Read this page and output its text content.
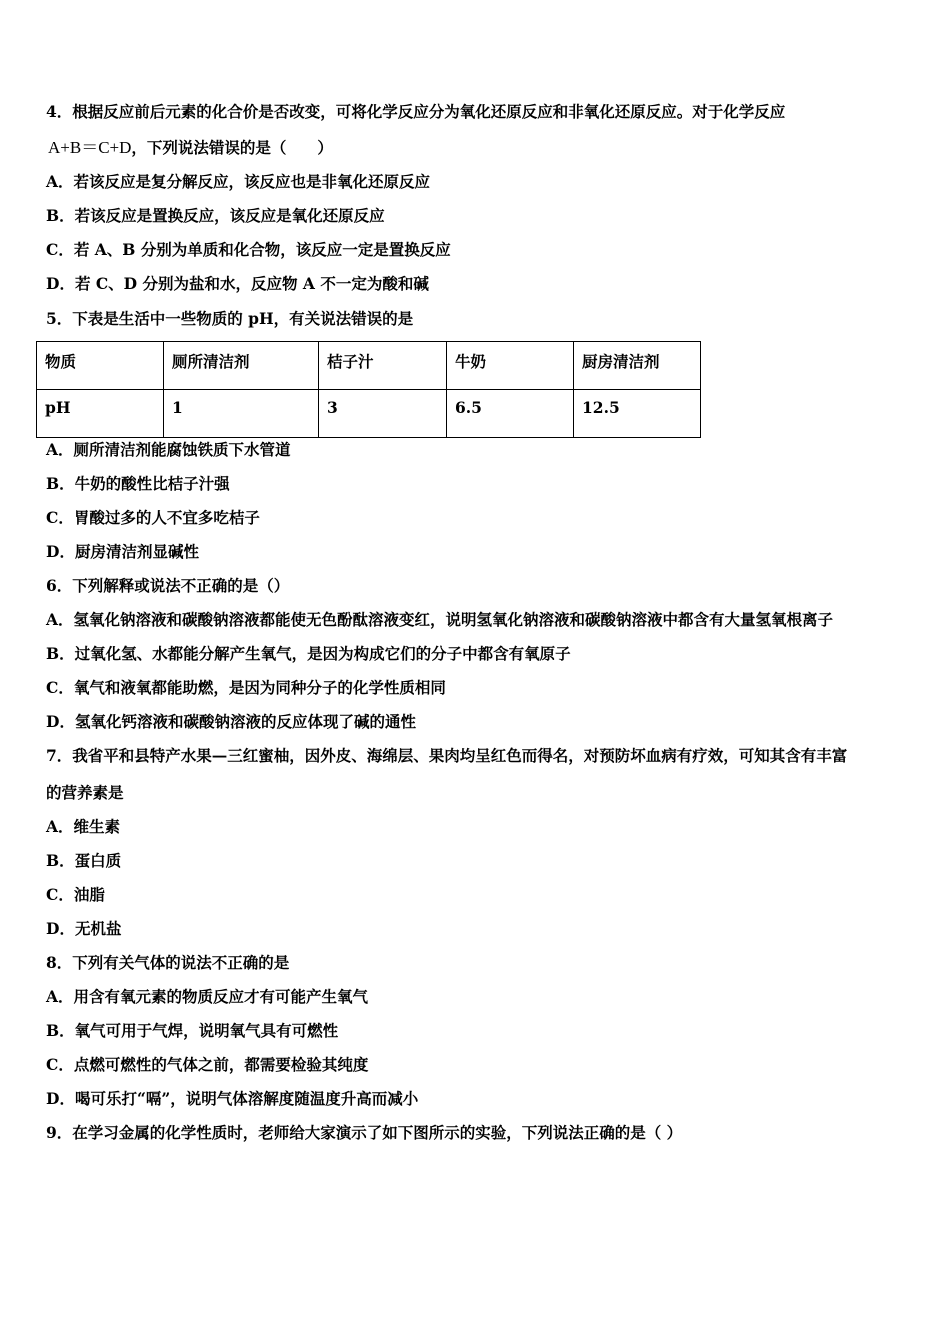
4．根据反应前后元素的化合价是否改变，可将化学反应分为氧化还原反应和非氧化还原反应。对于化学反应
A+B＝C+D，下列说法错误的是（　　）
A．若该反应是复分解反应，该反应也是非氧化还原反应
B．若该反应是置换反应，该反应是氧化还原反应
C．若 A、B 分别为单质和化合物，该反应一定是置换反应
D．若 C、D 分别为盐和水，反应物 A 不一定为酸和碱
5．下表是生活中一些物质的 pH，有关说法错误的是
物质	厕所清洁剂	桔子汁	牛奶	厨房清洁剂
pH	1	3	6.5	12.5
A．厕所清洁剂能腐蚀铁质下水管道
B．牛奶的酸性比桔子汁强
C．胃酸过多的人不宜多吃桔子
D．厨房清洁剂显碱性
6．下列解释或说法不正确的是（）
A．氢氧化钠溶液和碳酸钠溶液都能使无色酚酞溶液变红，说明氢氧化钠溶液和碳酸钠溶液中都含有大量氢氧根离子
B．过氧化氢、水都能分解产生氧气，是因为构成它们的分子中都含有氧原子
C．氧气和液氧都能助燃，是因为同种分子的化学性质相同
D．氢氧化钙溶液和碳酸钠溶液的反应体现了碱的通性
7．我省平和县特产水果—三红蜜柚，因外皮、海绵层、果肉均呈红色而得名，对预防坏血病有疗效，可知其含有丰富
的营养素是
A．维生素
B．蛋白质
C．油脂
D．无机盐
8．下列有关气体的说法不正确的是
A．用含有氧元素的物质反应才有可能产生氧气
B．氧气可用于气焊，说明氧气具有可燃性
C．点燃可燃性的气体之前，都需要检验其纯度
D．喝可乐打“嗝”，说明气体溶解度随温度升高而减小
9．在学习金属的化学性质时，老师给大家演示了如下图所示的实验，下列说法正确的是（ ）
